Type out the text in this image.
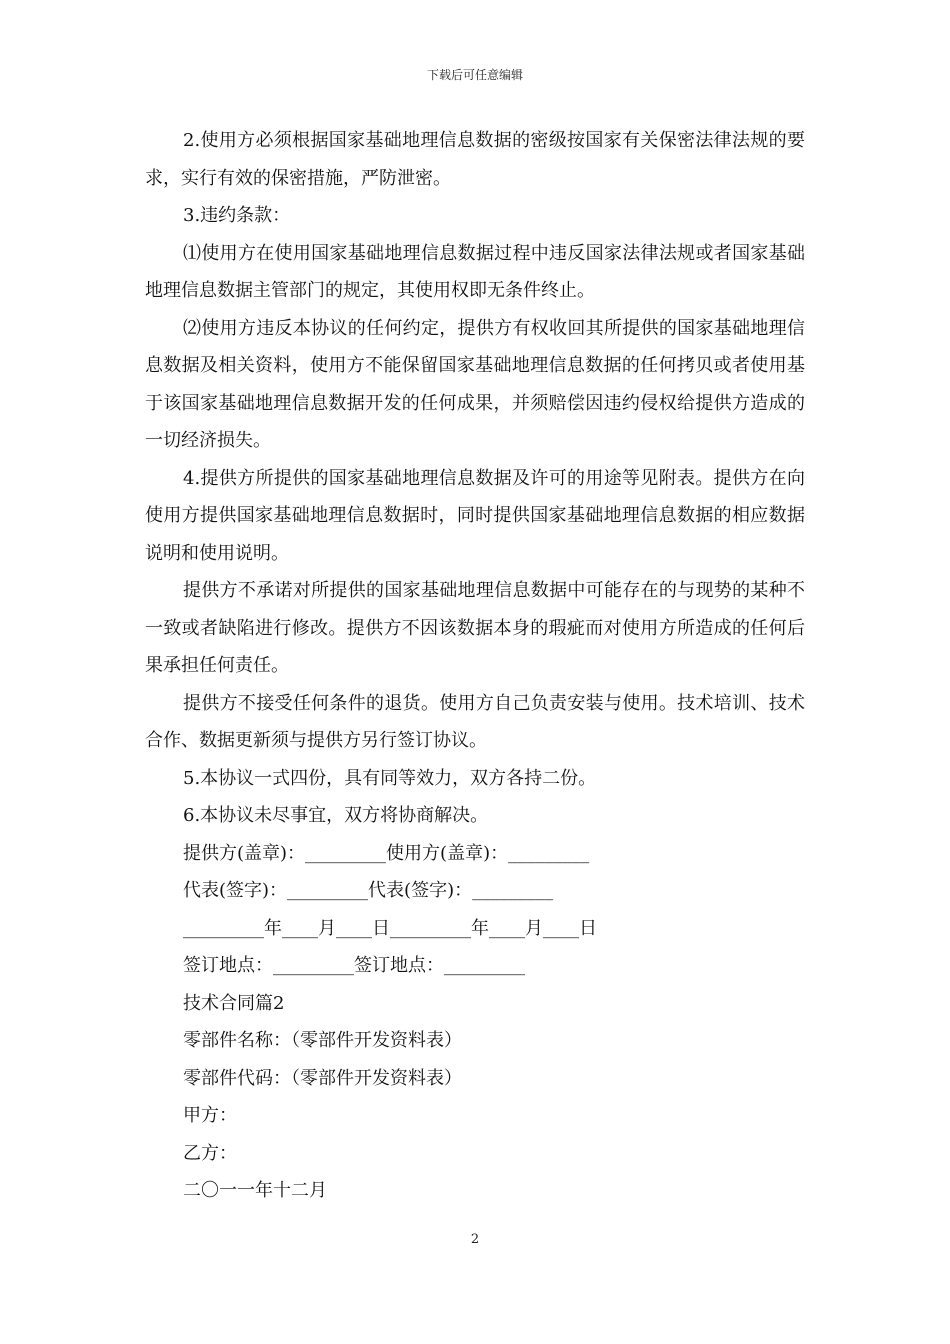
下载后可任意编辑

2.使用方必须根据国家基础地理信息数据的密级按国家有关保密法律法规的要求，实行有效的保密措施，严防泄密。

3.违约条款：

⑴使用方在使用国家基础地理信息数据过程中违反国家法律法规或者国家基础地理信息数据主管部门的规定，其使用权即无条件终止。

⑵使用方违反本协议的任何约定，提供方有权收回其所提供的国家基础地理信息数据及相关资料，使用方不能保留国家基础地理信息数据的任何拷贝或者使用基于该国家基础地理信息数据开发的任何成果，并须赔偿因违约侵权给提供方造成的一切经济损失。

4.提供方所提供的国家基础地理信息数据及许可的用途等见附表。提供方在向使用方提供国家基础地理信息数据时，同时提供国家基础地理信息数据的相应数据说明和使用说明。

提供方不承诺对所提供的国家基础地理信息数据中可能存在的与现势的某种不一致或者缺陷进行修改。提供方不因该数据本身的瑕疵而对使用方所造成的任何后果承担任何责任。

提供方不接受任何条件的退货。使用方自己负责安装与使用。技术培训、技术合作、数据更新须与提供方另行签订协议。

5.本协议一式四份，具有同等效力，双方各持二份。

6.本协议未尽事宜，双方将协商解决。

提供方(盖章)：_________使用方(盖章)：_________
代表(签字)：_________代表(签字)：_________
_________年____月____日_________年____月____日
签订地点：_________签订地点：_________
技术合同篇2
零部件名称：（零部件开发资料表）
零部件代码：（零部件开发资料表）
甲方：
乙方：
二〇一一年十二月
2
